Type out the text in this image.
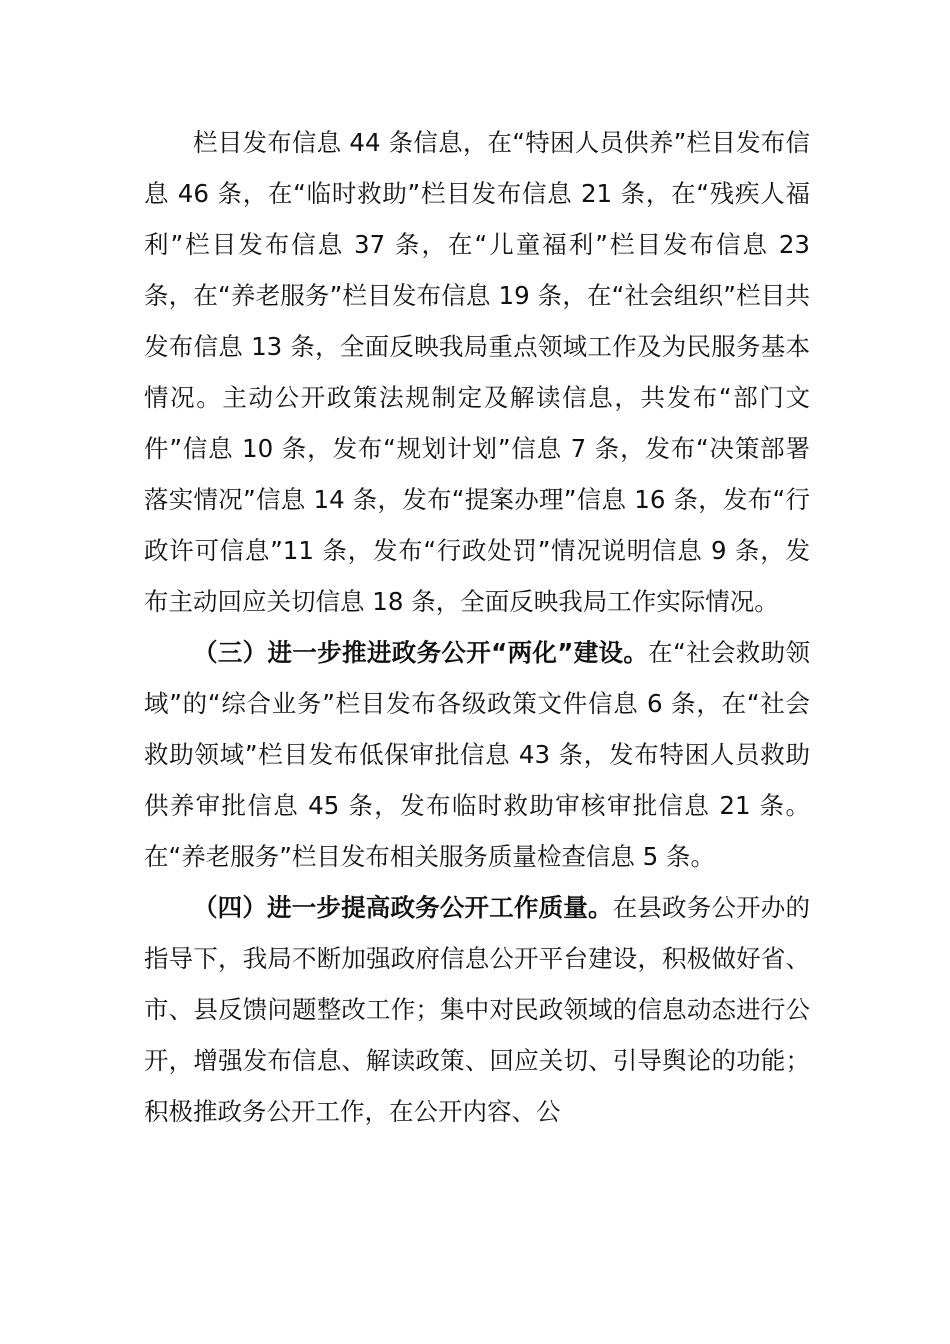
栏目发布信息 44 条信息，在“特困人员供养”栏目发布信息 46 条，在“临时救助”栏目发布信息 21 条，在“残疾人福利”栏目发布信息 37 条，在“儿童福利”栏目发布信息 23 条，在“养老服务”栏目发布信息 19 条，在“社会组织”栏目共发布信息 13 条，全面反映我局重点领域工作及为民服务基本情况。主动公开政策法规制定及解读信息，共发布“部门文件”信息 10 条，发布“规划计划”信息 7 条，发布“决策部署落实情况”信息 14 条，发布“提案办理”信息 16 条，发布“行政许可信息”11 条，发布“行政处罚”情况说明信息 9 条，发布主动回应关切信息 18 条，全面反映我局工作实际情况。

（三）进一步推进政务公开“两化”建设。在“社会救助领域”的“综合业务”栏目发布各级政策文件信息 6 条，在“社会救助领域”栏目发布低保审批信息 43 条，发布特困人员救助供养审批信息 45 条，发布临时救助审核审批信息 21 条。在“养老服务”栏目发布相关服务质量检查信息 5 条。

（四）进一步提高政务公开工作质量。在县政务公开办的指导下，我局不断加强政府信息公开平台建设，积极做好省、市、县反馈问题整改工作；集中对民政领域的信息动态进行公开，增强发布信息、解读政策、回应关切、引导舆论的功能；积极推政务公开工作，在公开内容、公
